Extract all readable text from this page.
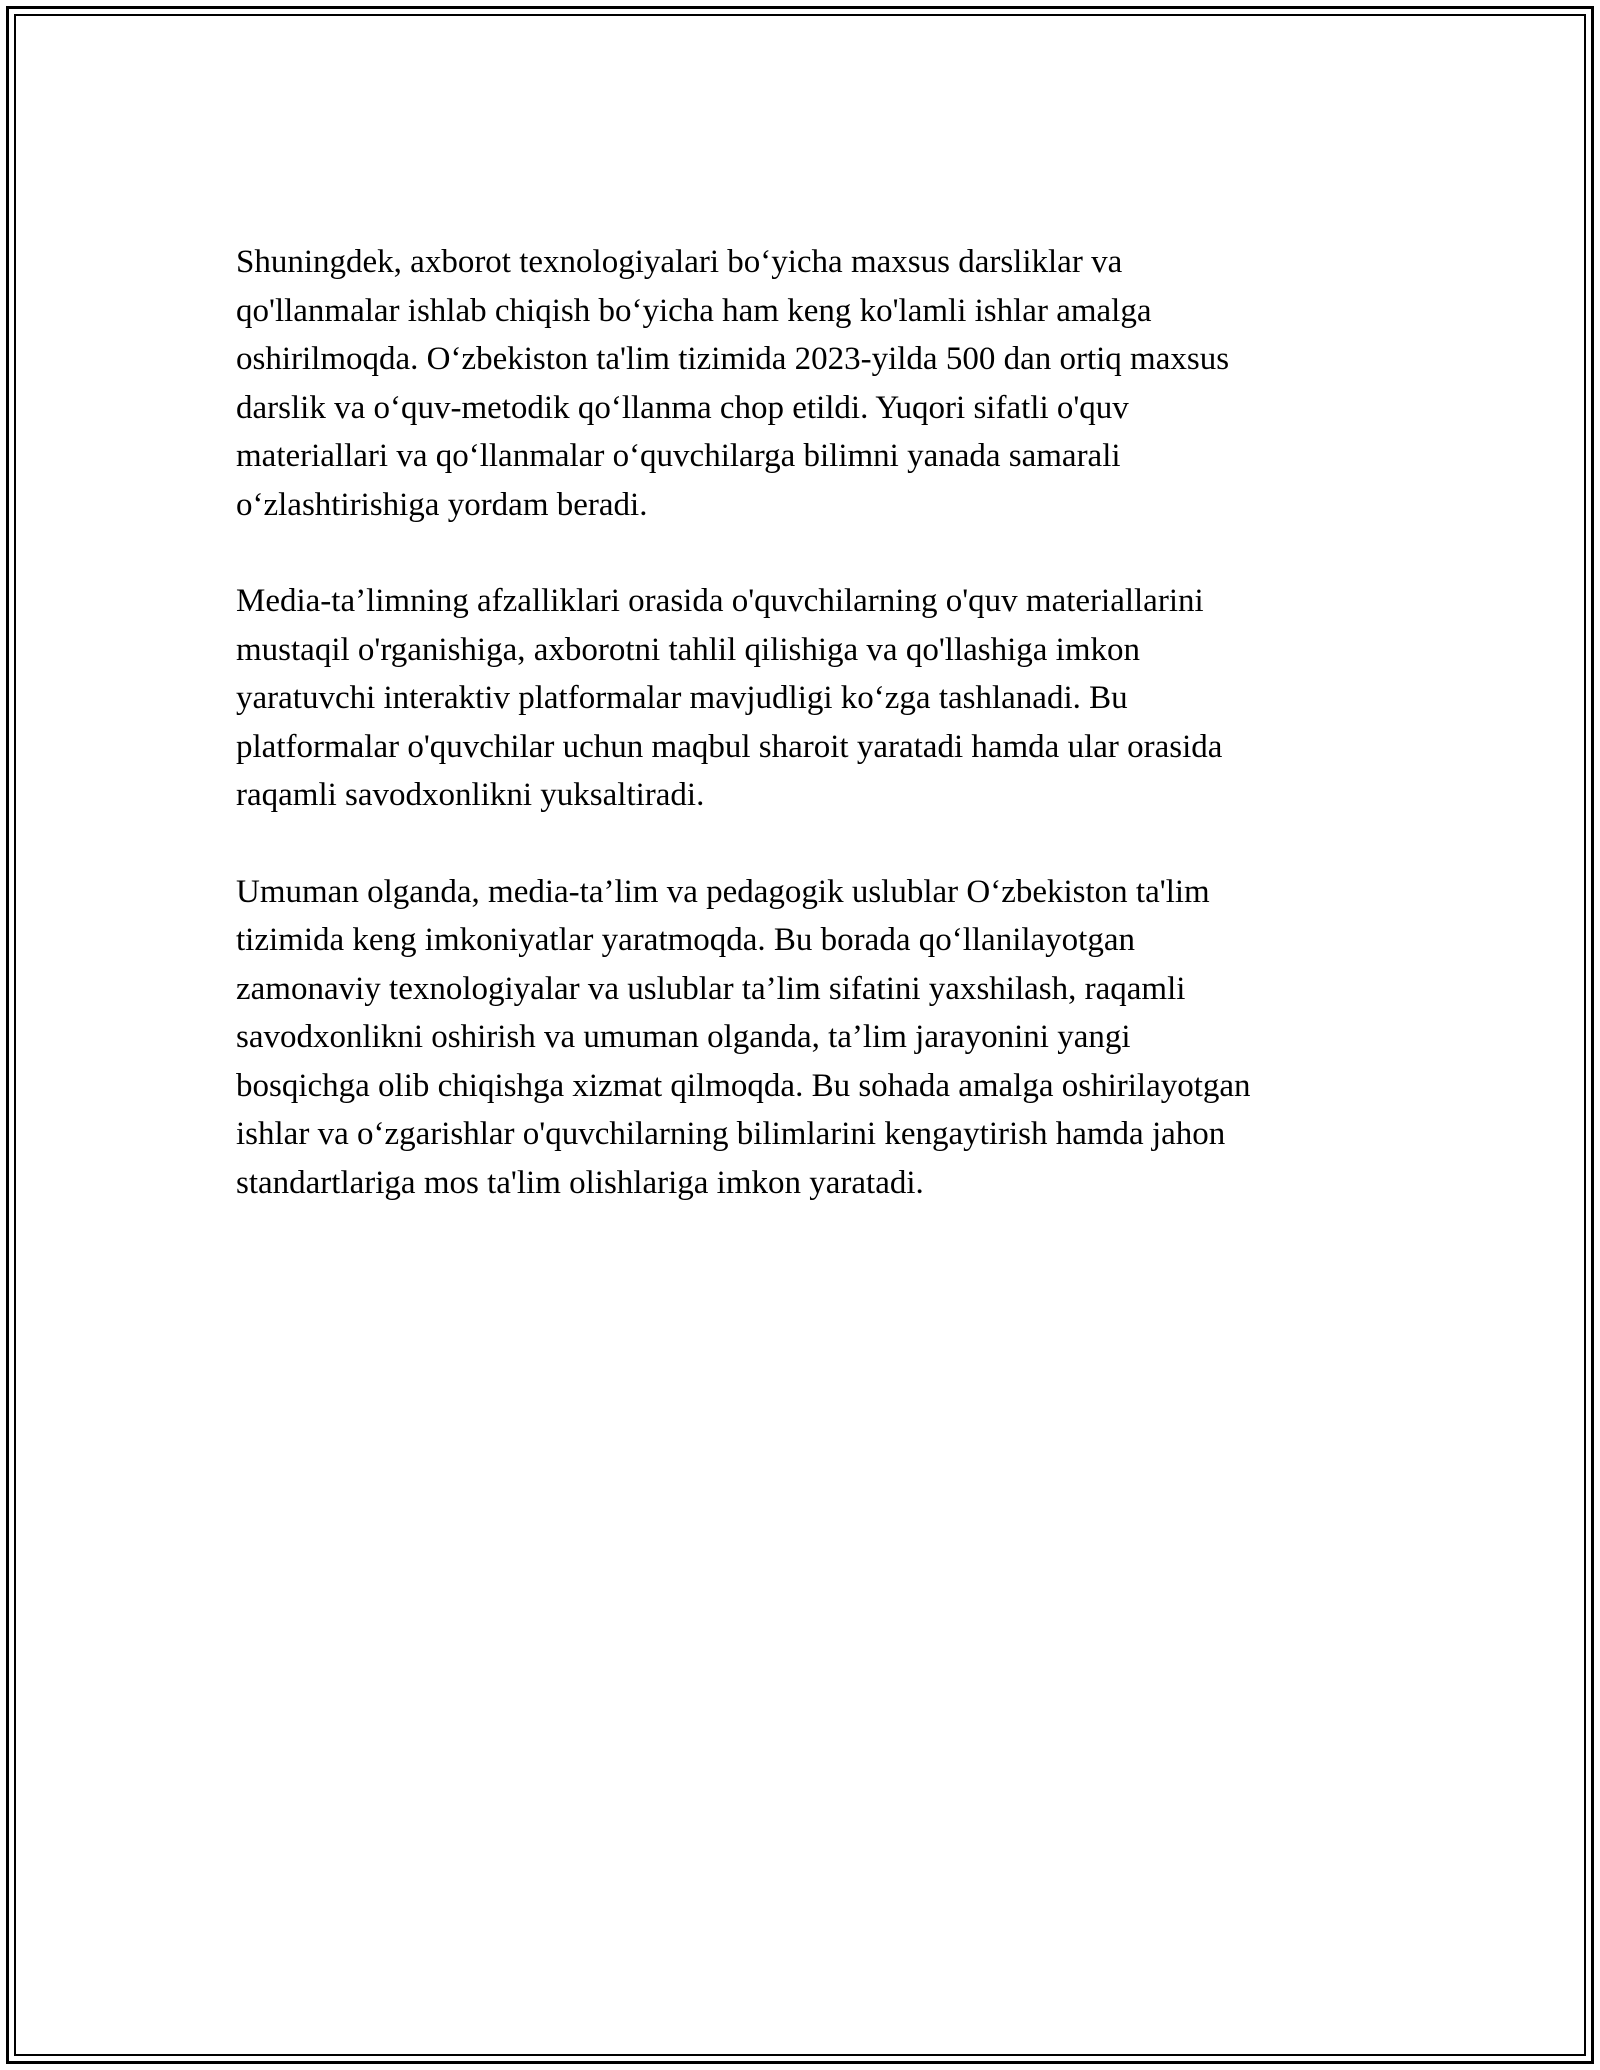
Shuningdek, axborot texnologiyalari bo‘yicha maxsus darsliklar va
qo'llanmalar ishlab chiqish bo‘yicha ham keng ko'lamli ishlar amalga
oshirilmoqda. O‘zbekiston ta'lim tizimida 2023-yilda 500 dan ortiq maxsus
darslik va o‘quv-metodik qo‘llanma chop etildi. Yuqori sifatli o'quv
materiallari va qo‘llanmalar o‘quvchilarga bilimni yanada samarali
o‘zlashtirishiga yordam beradi.

Media-ta’limning afzalliklari orasida o'quvchilarning o'quv materiallarini
mustaqil o'rganishiga, axborotni tahlil qilishiga va qo'llashiga imkon
yaratuvchi interaktiv platformalar mavjudligi ko‘zga tashlanadi. Bu
platformalar o'quvchilar uchun maqbul sharoit yaratadi hamda ular orasida
raqamli savodxonlikni yuksaltiradi.

Umuman olganda, media-ta’lim va pedagogik uslublar O‘zbekiston ta'lim
tizimida keng imkoniyatlar yaratmoqda. Bu borada qo‘llanilayotgan
zamonaviy texnologiyalar va uslublar ta’lim sifatini yaxshilash, raqamli
savodxonlikni oshirish va umuman olganda, ta’lim jarayonini yangi
bosqichga olib chiqishga xizmat qilmoqda. Bu sohada amalga oshirilayotgan
ishlar va o‘zgarishlar o'quvchilarning bilimlarini kengaytirish hamda jahon
standartlariga mos ta'lim olishlariga imkon yaratadi.
